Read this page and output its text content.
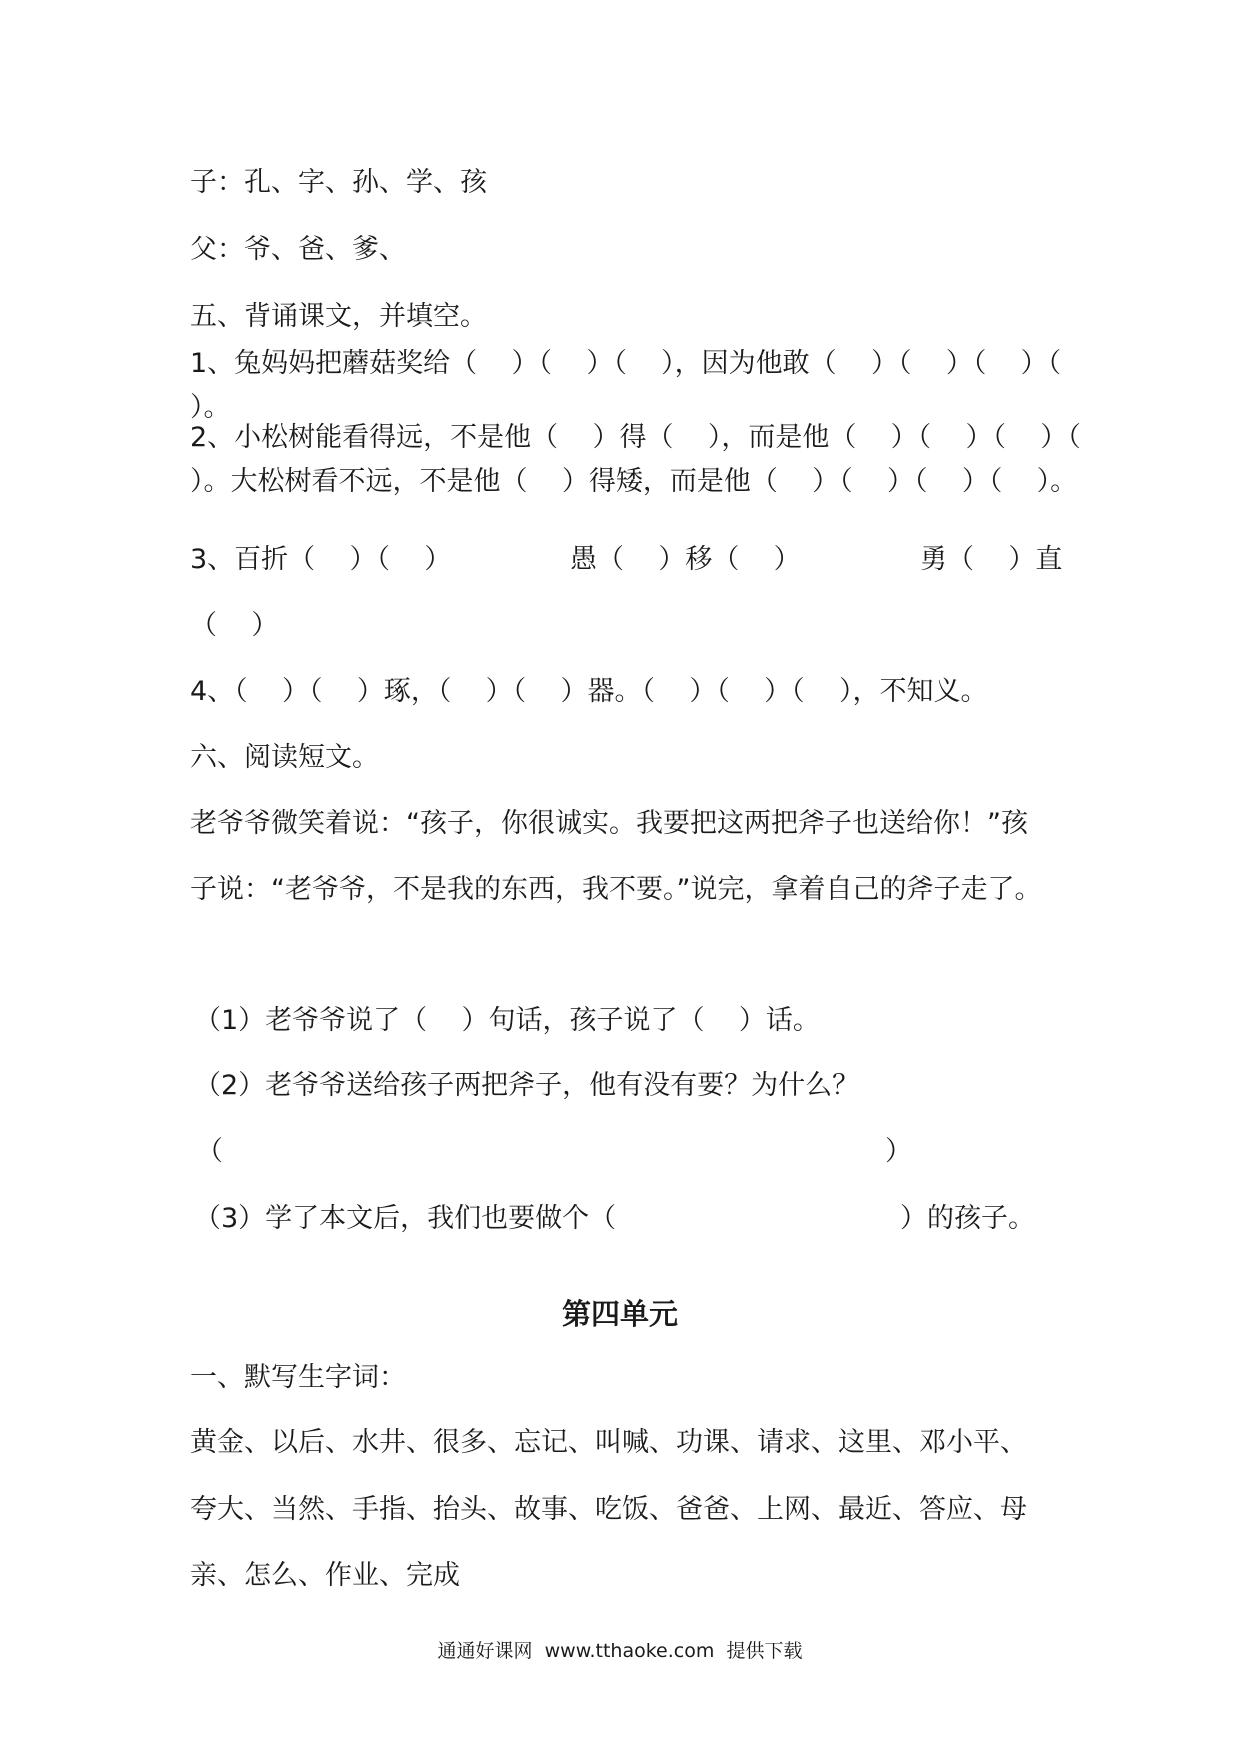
子：孔、字、孙、学、孩
父：爷、爸、爹、
五、背诵课文，并填空。
1、兔妈妈把蘑菇奖给（    ）（    ）（    ），因为他敢（    ）（    ）（    ）（    ）。
2、小松树能看得远，不是他（    ）得（    ），而是他（    ）（    ）（    ）（    ）。大松树看不远，不是他（    ）得矮，而是他（    ）（    ）（    ）（    ）。
3、百折（    ）（    ）	愚（    ）移（    ）	勇（    ）直
（    ）
4、（    ）（    ）琢，（    ）（    ）器。（    ）（    ）（    ），不知义。
六、阅读短文。
老爷爷微笑着说：“孩子，你很诚实。我要把这两把斧子也送给你！”孩
子说：“老爷爷，不是我的东西，我不要。”说完，拿着自己的斧子走了。
（1）老爷爷说了（    ）句话，孩子说了（    ）话。
（2）老爷爷送给孩子两把斧子，他有没有要？为什么？
（	）
（3）学了本文后，我们也要做个（	）的孩子。
第四单元
一、默写生字词：
黄金、以后、水井、很多、忘记、叫喊、功课、请求、这里、邓小平、
夸大、当然、手指、抬头、故事、吃饭、爸爸、上网、最近、答应、母
亲、怎么、作业、完成
通通好课网  www.tthaoke.com  提供下载
